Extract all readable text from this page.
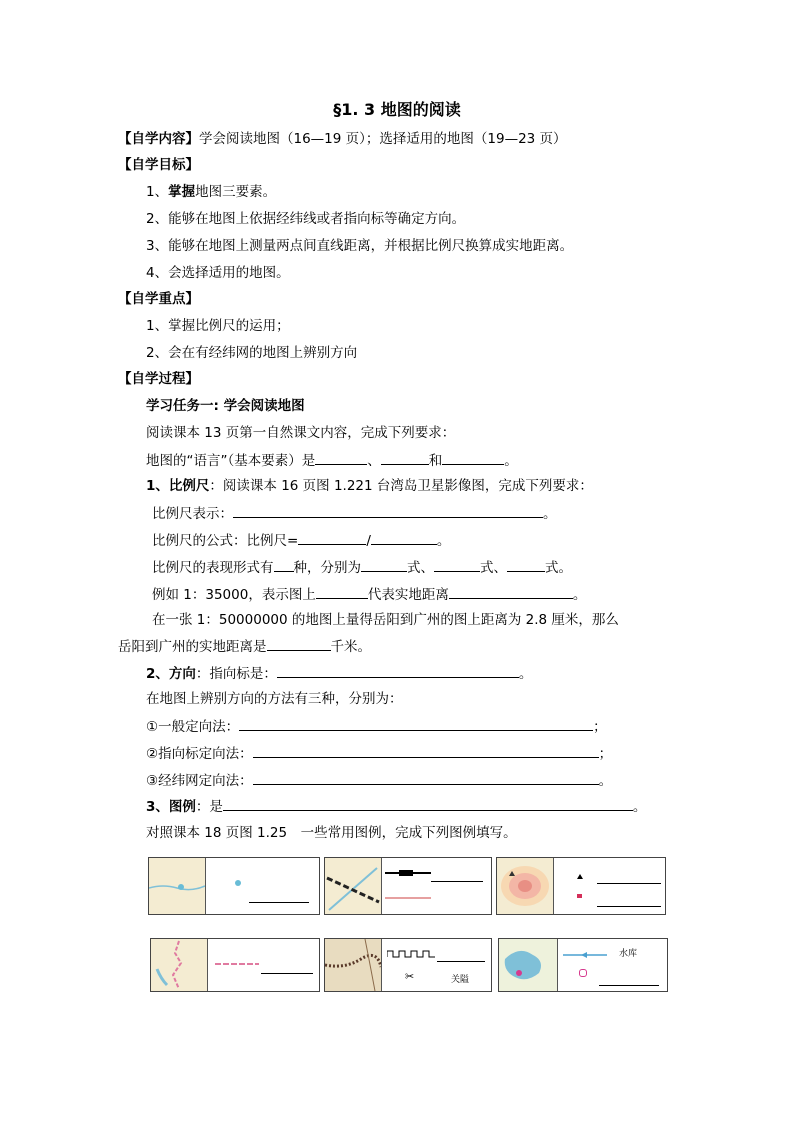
§1. 3 地图的阅读
【自学内容】学会阅读地图（16—19 页）；选择适用的地图（19—23 页）
【自学目标】
1、掌握地图三要素。
2、能够在地图上依据经纬线或者指向标等确定方向。
3、能够在地图上测量两点间直线距离，并根据比例尺换算成实地距离。
4、会选择适用的地图。
【自学重点】
1、掌握比例尺的运用；
2、会在有经纬网的地图上辨别方向
【自学过程】
学习任务一: 学会阅读地图
阅读课本 13 页第一自然课文内容，完成下列要求：
地图的“语言”（基本要素）是	、	和	。
1、比例尺：阅读课本 16 页图 1.221 台湾岛卫星影像图，完成下列要求：
比例尺表示：	。
比例尺的公式：比例尺=	/	。
比例尺的表现形式有 种，分别为	式、	式、	式。
例如 1：35000，表示图上	代表实地距离	。
在一张 1：50000000 的地图上量得岳阳到广州的图上距离为 2.8 厘米，那么
岳阳到广州的实地距离是	千米。
2、方向：指向标是：	。
在地图上辨别方向的方法有三种，分别为：
①一般定向法：	；
②指向标定向法：	；
③经纬网定向法：	。
3、图例：是	。
对照课本 18 页图 1.25　一些常用图例，完成下列图例填写。
✂	关隘
水库
